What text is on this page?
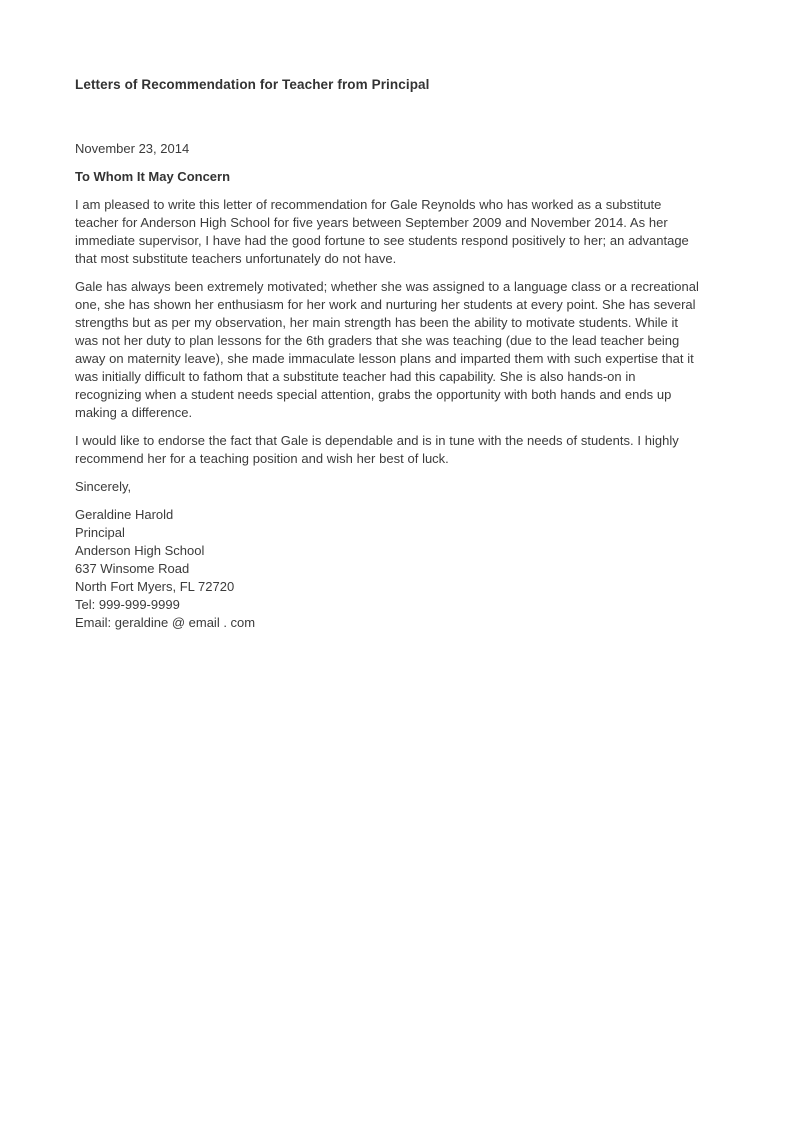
Letters of Recommendation for Teacher from Principal

November 23, 2014

To Whom It May Concern

I am pleased to write this letter of recommendation for Gale Reynolds who has worked as a substitute teacher for Anderson High School for five years between September 2009 and November 2014. As her immediate supervisor, I have had the good fortune to see students respond positively to her; an advantage that most substitute teachers unfortunately do not have.

Gale has always been extremely motivated; whether she was assigned to a language class or a recreational one, she has shown her enthusiasm for her work and nurturing her students at every point. She has several strengths but as per my observation, her main strength has been the ability to motivate students. While it was not her duty to plan lessons for the 6th graders that she was teaching (due to the lead teacher being away on maternity leave), she made immaculate lesson plans and imparted them with such expertise that it was initially difficult to fathom that a substitute teacher had this capability. She is also hands-on in recognizing when a student needs special attention, grabs the opportunity with both hands and ends up making a difference.

I would like to endorse the fact that Gale is dependable and is in tune with the needs of students. I highly recommend her for a teaching position and wish her best of luck.

Sincerely,

Geraldine Harold
Principal
Anderson High School
637 Winsome Road
North Fort Myers, FL 72720
Tel: 999-999-9999
Email: geraldine @ email . com
